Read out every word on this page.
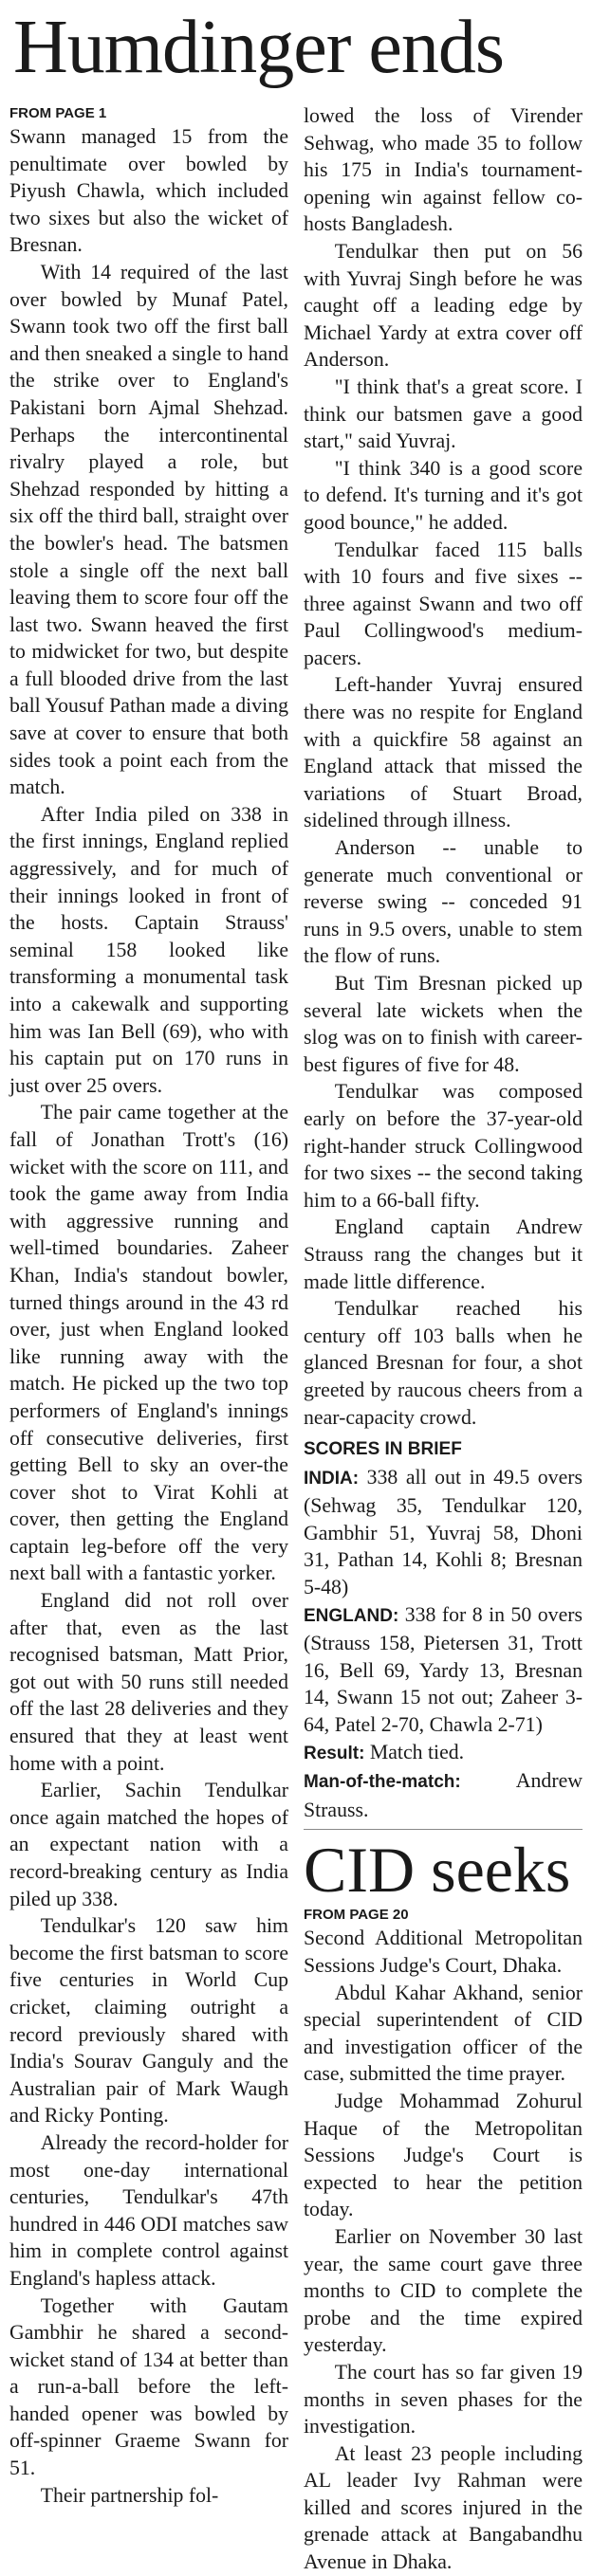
Humdinger ends
FROM PAGE 1

Swann managed 15 from the penultimate over bowled by Piyush Chawla, which included two sixes but also the wicket of Bresnan.

With 14 required of the last over bowled by Munaf Patel, Swann took two off the first ball and then sneaked a single to hand the strike over to England's Pakistani born Ajmal Shehzad. Perhaps the intercontinental rivalry played a role, but Shehzad responded by hitting a six off the third ball, straight over the bowler's head. The batsmen stole a single off the next ball leaving them to score four off the last two. Swann heaved the first to midwicket for two, but despite a full blooded drive from the last ball Yousuf Pathan made a diving save at cover to ensure that both sides took a point each from the match.

After India piled on 338 in the first innings, England replied aggressively, and for much of their innings looked in front of the hosts. Captain Strauss' seminal 158 looked like transforming a monumental task into a cakewalk and supporting him was Ian Bell (69), who with his captain put on 170 runs in just over 25 overs.

The pair came together at the fall of Jonathan Trott's (16) wicket with the score on 111, and took the game away from India with aggressive running and well-timed boundaries. Zaheer Khan, India's standout bowler, turned things around in the 43 rd over, just when England looked like running away with the match. He picked up the two top performers of England's innings off consecutive deliveries, first getting Bell to sky an over-the cover shot to Virat Kohli at cover, then getting the England captain leg-before off the very next ball with a fantastic yorker.

England did not roll over after that, even as the last recognised batsman, Matt Prior, got out with 50 runs still needed off the last 28 deliveries and they ensured that they at least went home with a point.

Earlier, Sachin Tendulkar once again matched the hopes of an expectant nation with a record-breaking century as India piled up 338.

Tendulkar's 120 saw him become the first batsman to score five centuries in World Cup cricket, claiming outright a record previously shared with India's Sourav Ganguly and the Australian pair of Mark Waugh and Ricky Ponting.

Already the record-holder for most one-day international centuries, Tendulkar's 47th hundred in 446 ODI matches saw him in complete control against England's hapless attack.

Together with Gautam Gambhir he shared a second-wicket stand of 134 at better than a run-a-ball before the left-handed opener was bowled by off-spinner Graeme Swann for 51.

Their partnership fol-

lowed the loss of Virender Sehwag, who made 35 to follow his 175 in India's tournament-opening win against fellow co-hosts Bangladesh.

Tendulkar then put on 56 with Yuvraj Singh before he was caught off a leading edge by Michael Yardy at extra cover off Anderson.

"I think that's a great score. I think our batsmen gave a good start," said Yuvraj.

"I think 340 is a good score to defend. It's turning and it's got good bounce," he added.

Tendulkar faced 115 balls with 10 fours and five sixes -- three against Swann and two off Paul Collingwood's medium-pacers.

Left-hander Yuvraj ensured there was no respite for England with a quickfire 58 against an England attack that missed the variations of Stuart Broad, sidelined through illness.

Anderson -- unable to generate much conventional or reverse swing -- conceded 91 runs in 9.5 overs, unable to stem the flow of runs.

But Tim Bresnan picked up several late wickets when the slog was on to finish with career-best figures of five for 48.

Tendulkar was composed early on before the 37-year-old right-hander struck Collingwood for two sixes -- the second taking him to a 66-ball fifty.

England captain Andrew Strauss rang the changes but it made little difference.

Tendulkar reached his century off 103 balls when he glanced Bresnan for four, a shot greeted by raucous cheers from a near-capacity crowd.

SCORES IN BRIEF

INDIA: 338 all out in 49.5 overs (Sehwag 35, Tendulkar 120, Gambhir 51, Yuvraj 58, Dhoni 31, Pathan 14, Kohli 8; Bresnan 5-48)

ENGLAND: 338 for 8 in 50 overs (Strauss 158, Pietersen 31, Trott 16, Bell 69, Yardy 13, Bresnan 14, Swann 15 not out; Zaheer 3-64, Patel 2-70, Chawla 2-71)

Result: Match tied.

Man-of-the-match:	Andrew Strauss.

CID seeks
FROM PAGE 20

Second Additional Metropolitan Sessions Judge's Court, Dhaka.

Abdul Kahar Akhand, senior special superintendent of CID and investigation officer of the case, submitted the time prayer.

Judge Mohammad Zohurul Haque of the Metropolitan Sessions Judge's Court is expected to hear the petition today.

Earlier on November 30 last year, the same court gave three months to CID to complete the probe and the time expired yesterday.

The court has so far given 19 months in seven phases for the investigation.

At least 23 people including AL leader Ivy Rahman were killed and scores injured in the grenade attack at Bangabandhu Avenue in Dhaka.
